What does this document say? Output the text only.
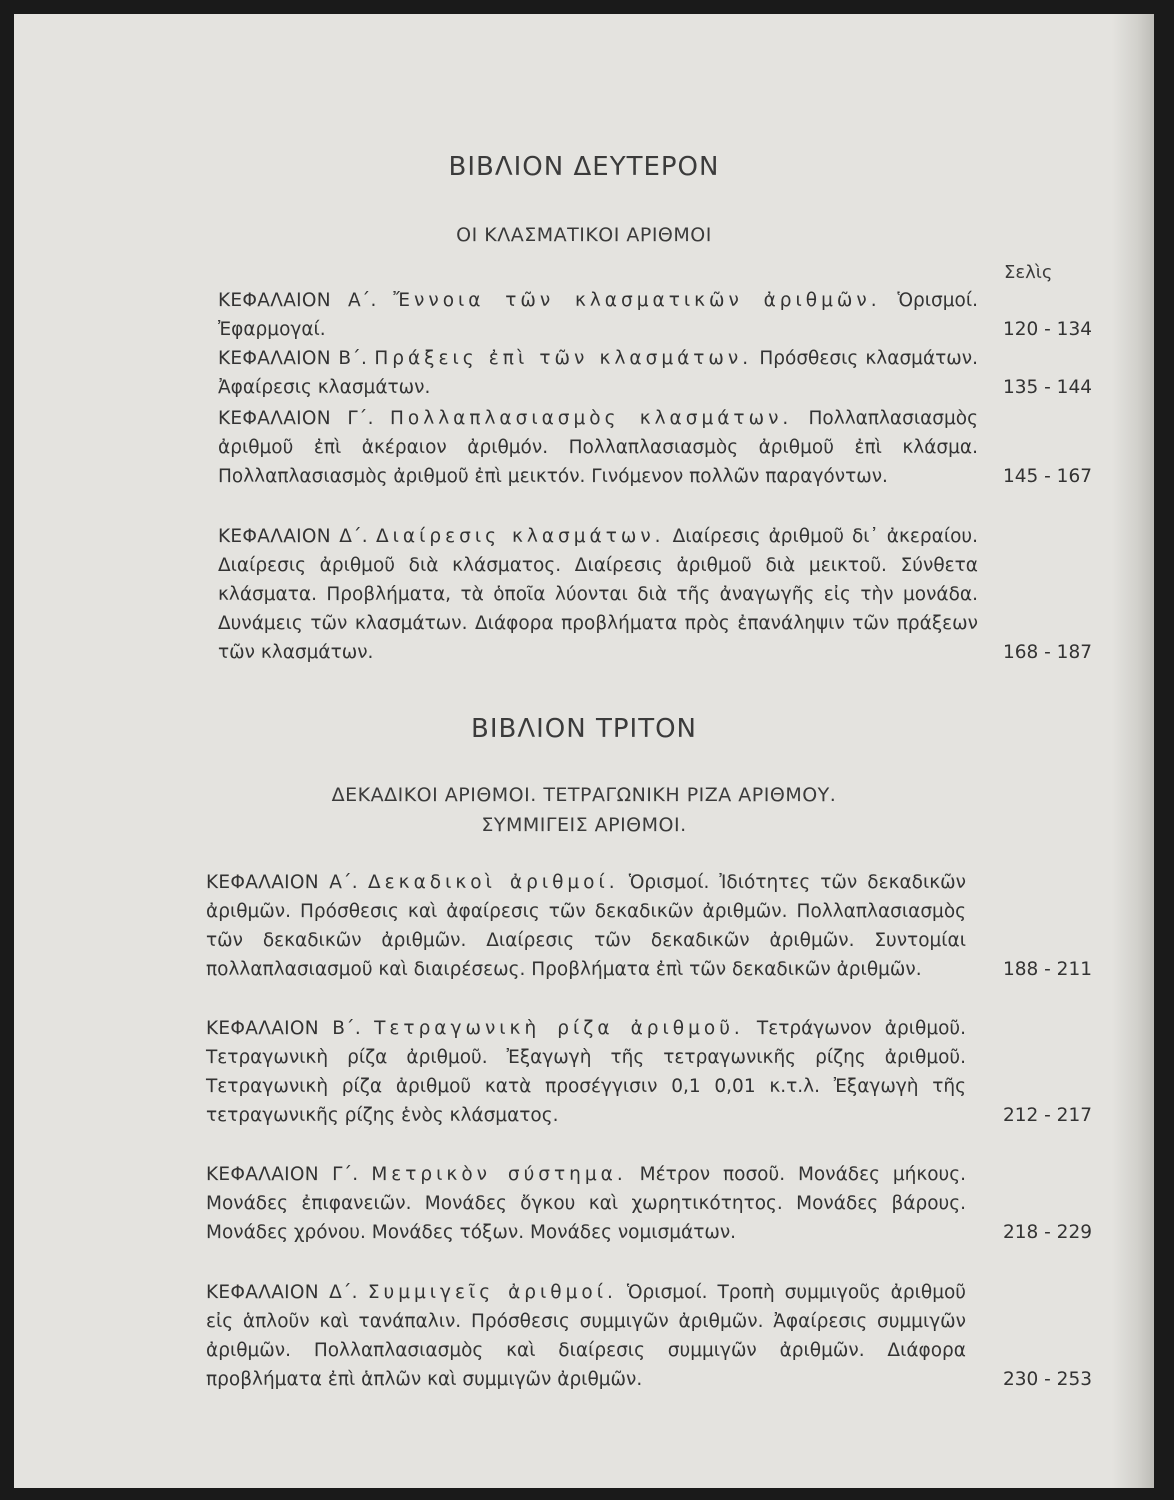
ΒΙΒΛΙΟΝ ΔΕΥΤΕΡΟΝ
ΟΙ ΚΛΑΣΜΑΤΙΚΟΙ ΑΡΙΘΜΟΙ
Σελὶς
ΚΕΦΑΛΑΙΟΝ Α΄. Ἔννοια τῶν κλασματικῶν ἀριθμῶν. Ὁρισμοί. Ἐφαρμογαί.	120 - 134
ΚΕΦΑΛΑΙΟΝ Β΄. Πράξεις ἐπὶ τῶν κλασμάτων. Πρόσθεσις κλασμάτων. Ἀφαίρεσις κλασμάτων.	135 - 144
ΚΕΦΑΛΑΙΟΝ Γ΄. Πολλαπλασιασμὸς κλασμάτων. Πολλαπλασιασμὸς ἀριθμοῦ ἐπὶ ἀκέραιον ἀριθμόν. Πολλαπλασιασμὸς ἀριθμοῦ ἐπὶ κλάσμα. Πολλαπλασιασμὸς ἀριθμοῦ ἐπὶ μεικτόν. Γινόμενον πολλῶν παραγόντων.	145 - 167
ΚΕΦΑΛΑΙΟΝ Δ΄. Διαίρεσις κλασμάτων. Διαίρεσις ἀριθμοῦ δι᾽ ἀκεραίου. Διαίρεσις ἀριθμοῦ διὰ κλάσματος. Διαίρεσις ἀριθμοῦ διὰ μεικτοῦ. Σύνθετα κλάσματα. Προβλήματα, τὰ ὁποῖα λύονται διὰ τῆς ἀναγωγῆς εἰς τὴν μονάδα. Δυνάμεις τῶν κλασμάτων. Διάφορα προβλήματα πρὸς ἐπανάληψιν τῶν πράξεων τῶν κλασμάτων.	168 - 187
ΒΙΒΛΙΟΝ ΤΡΙΤΟΝ
ΔΕΚΑΔΙΚΟΙ ΑΡΙΘΜΟΙ. ΤΕΤΡΑΓΩΝΙΚΗ ΡΙΖΑ ΑΡΙΘΜΟΥ.
ΣΥΜΜΙΓΕΙΣ ΑΡΙΘΜΟΙ.
ΚΕΦΑΛΑΙΟΝ Α΄. Δεκαδικοὶ ἀριθμοί. Ὁρισμοί. Ἰδιότητες τῶν δεκαδικῶν ἀριθμῶν. Πρόσθεσις καὶ ἀφαίρεσις τῶν δεκαδικῶν ἀριθμῶν. Πολλαπλασιασμὸς τῶν δεκαδικῶν ἀριθμῶν. Διαίρεσις τῶν δεκαδικῶν ἀριθμῶν. Συντομίαι πολλαπλασιασμοῦ καὶ διαιρέσεως. Προβλήματα ἐπὶ τῶν δεκαδικῶν ἀριθμῶν.	188 - 211
ΚΕΦΑΛΑΙΟΝ Β΄. Τετραγωνικὴ ρίζα ἀριθμοῦ. Τετράγωνον ἀριθμοῦ. Τετραγωνικὴ ρίζα ἀριθμοῦ. Ἐξαγωγὴ τῆς τετραγωνικῆς ρίζης ἀριθμοῦ. Τετραγωνικὴ ρίζα ἀριθμοῦ κατὰ προσέγγισιν 0,1 0,01 κ.τ.λ. Ἐξαγωγὴ τῆς τετραγωνικῆς ρίζης ἑνὸς κλάσματος.	212 - 217
ΚΕΦΑΛΑΙΟΝ Γ΄. Μετρικὸν σύστημα. Μέτρον ποσοῦ. Μονάδες μήκους. Μονάδες ἐπιφανειῶν. Μονάδες ὄγκου καὶ χωρητικότητος. Μονάδες βάρους. Μονάδες χρόνου. Μονάδες τόξων. Μονάδες νομισμάτων.	218 - 229
ΚΕΦΑΛΑΙΟΝ Δ΄. Συμμιγεῖς ἀριθμοί. Ὁρισμοί. Τροπὴ συμμιγοῦς ἀριθμοῦ εἰς ἁπλοῦν καὶ τανάπαλιν. Πρόσθεσις συμμιγῶν ἀριθμῶν. Ἀφαίρεσις συμμιγῶν ἀριθμῶν. Πολλαπλασιασμὸς καὶ διαίρεσις συμμιγῶν ἀριθμῶν. Διάφορα προβλήματα ἐπὶ ἁπλῶν καὶ συμμιγῶν ἀριθμῶν.	230 - 253
